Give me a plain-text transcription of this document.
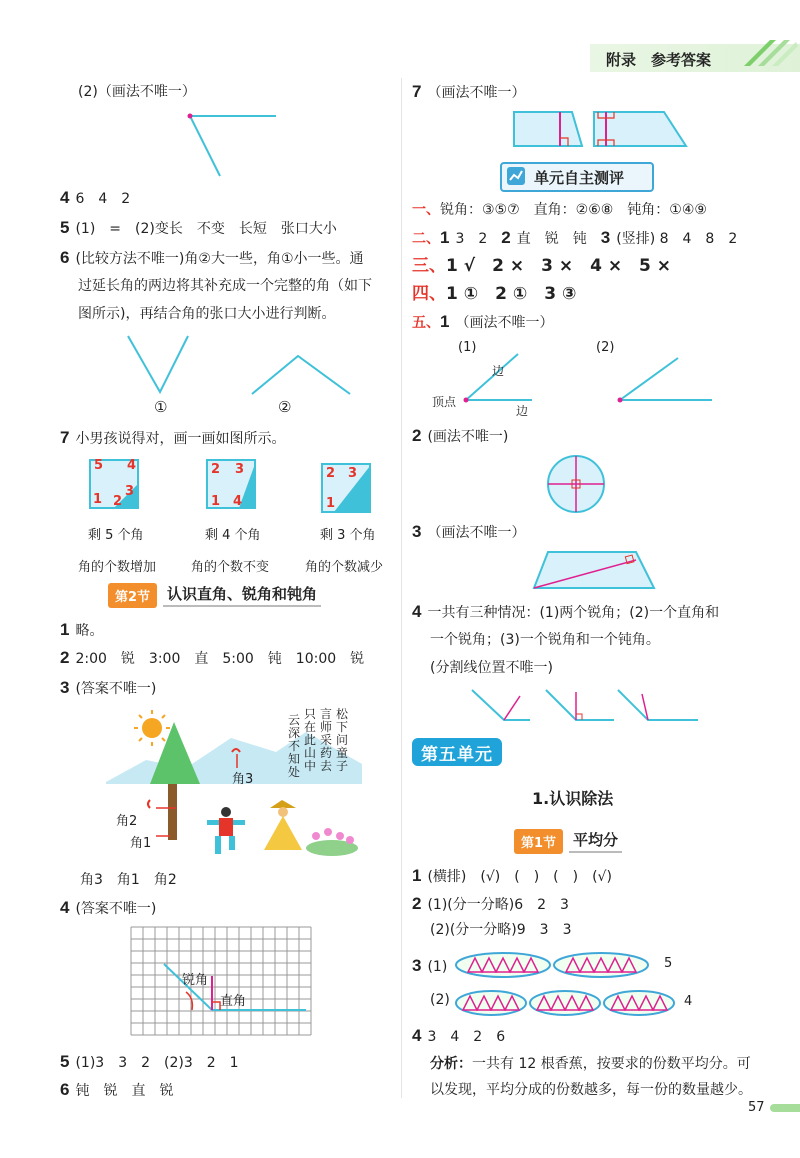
附录　参考答案
(2)（画法不唯一）
4 6　4　2
5 (1)　=　(2)变长　不变　长短　张口大小
6 (比较方法不唯一)角②大一些，角①小一些。通
过延长角的两边将其补充成一个完整的角（如下
图所示)，再结合角的张口大小进行判断。
①	②
7 小男孩说得对，画一画如图所示。
5 4
1 2
3
2 3
1 4
2 3
1
剩 5 个角	剩 4 个角	剩 3 个角
角的个数增加	角的个数不变	角的个数减少
第2节	认识直角、锐角和钝角
1 略。
2 2:00　锐　3:00　直　5:00　钝　10:00　锐
3 (答案不唯一)
松
下
问
童
子
言
师
采
药
去
只
在
此
山
中
云
深
不
知
处
角3
角2
角1
角3　角1　角2
4 (答案不唯一)
锐角
直角
5 (1)3　3　2　(2)3　2　1
6 钝　锐　直　锐
7 （画法不唯一）
单元自主测评
一、锐角：③⑤⑦　直角：②⑥⑧　钝角：①④⑨
二、1 3　2　2 直　锐　钝　3 (竖排) 8　4　8　2
三、1 √　2 ×　3 ×　4 ×　5 ×
四、1 ①　2 ①　3 ③
五、1 （画法不唯一）
(1)	(2)
边
顶点
边
2 (画法不唯一)
3 （画法不唯一）
4 一共有三种情况：(1)两个锐角；(2)一个直角和
一个锐角；(3)一个锐角和一个钝角。
(分割线位置不唯一)
第五单元
1.认识除法
第1节	平均分
1 (横排)　(√)　(　)　(　)　(√)
2 (1)(分一分略)6　2　3
(2)(分一分略)9　3　3
3 (1)	5
(2)	4
4 3　4　2　6
分析：一共有 12 根香蕉，按要求的份数平均分。可
以发现，平均分成的份数越多，每一份的数量越少。
57
